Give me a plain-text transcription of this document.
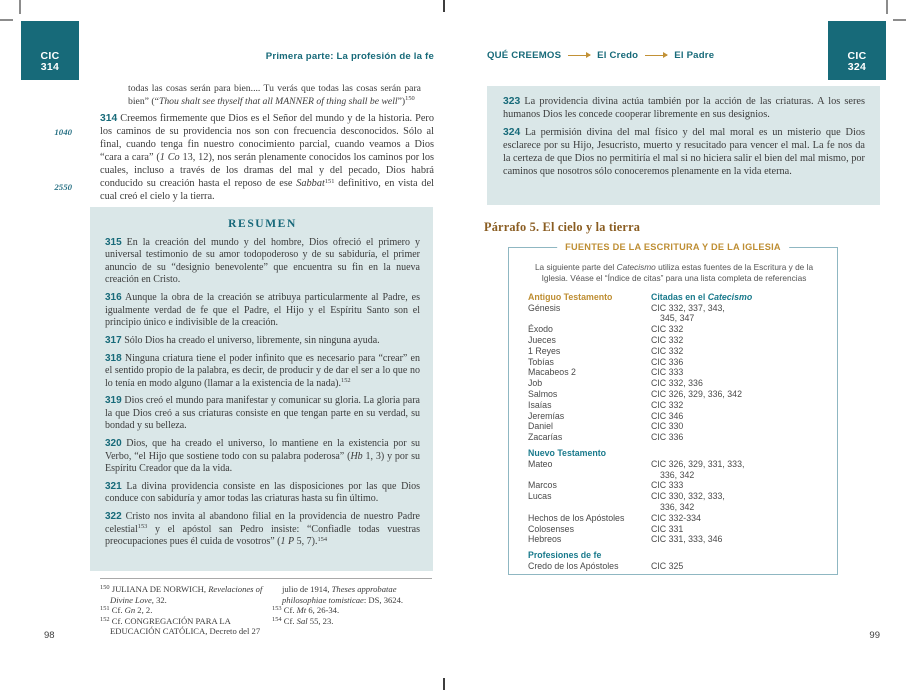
CIC
314
Primera parte: La profesión de la fe
todas las cosas serán para bien.... Tu verás que todas las cosas serán para bien” (“Thou shalt see thyself that all MANNER of thing shall be well”)$^{150}$
1040
2550
314 Creemos firmemente que Dios es el Señor del mundo y de la historia. Pero los caminos de su providencia nos son con frecuencia desconocidos. Sólo al final, cuando tenga fin nuestro conocimiento parcial, cuando veamos a Dios “cara a cara” (1 Co 13, 12), nos serán plenamente conocidos los caminos por los cuales, incluso a través de los dramas del mal y del pecado, Dios habrá conducido su creación hasta el reposo de ese Sabbat$^{151}$ definitivo, en vista del cual creó el cielo y la tierra.
RESUMEN

315 En la creación del mundo y del hombre, Dios ofreció el primero y universal testimonio de su amor todopoderoso y de su sabiduría, el primer anuncio de su “designio benevolente” que encuentra su fin en la nueva creación en Cristo.

316 Aunque la obra de la creación se atribuya particularmente al Padre, es igualmente verdad de fe que el Padre, el Hijo y el Espíritu Santo son el principio único e indivisible de la creación.

317 Sólo Dios ha creado el universo, libremente, sin ninguna ayuda.

318 Ninguna criatura tiene el poder infinito que es necesario para “crear” en el sentido propio de la palabra, es decir, de producir y de dar el ser a lo que no lo tenía en modo alguno (llamar a la existencia de la nada).$^{152}$

319 Dios creó el mundo para manifestar y comunicar su gloria. La gloria para la que Dios creó a sus criaturas consiste en que tengan parte en su verdad, su bondad y su belleza.

320 Dios, que ha creado el universo, lo mantiene en la existencia por su Verbo, “el Hijo que sostiene todo con su palabra poderosa” (Hb 1, 3) y por su Espíritu Creador que da la vida.

321 La divina providencia consiste en las disposiciones por las que Dios conduce con sabiduría y amor todas las criaturas hasta su fin último.

322 Cristo nos invita al abandono filial en la providencia de nuestro Padre celestial$^{153}$ y el apóstol san Pedro insiste: “Confiadle todas vuestras preocupaciones pues él cuida de vosotros” (1 P 5, 7).$^{154}$

$^{150}$ JULIANA DE NORWICH, Revelaciones of Divine Love, 32.
$^{151}$ Cf. Gn 2, 2.
$^{152}$ Cf. CONGREGACIÓN PARA LA EDUCACIÓN CATÓLICA, Decreto del 27
julio de 1914, Theses approbatae philosophiae tomisticae: DS, 3624.
$^{153}$ Cf. Mt 6, 26-34.
$^{154}$ Cf. Sal 55, 23.
98
QUÉ CREEMOS	El Credo	El Padre	CIC
324

323 La providencia divina actúa también por la acción de las criaturas. A los seres humanos Dios les concede cooperar libremente en sus designios.

324 La permisión divina del mal físico y del mal moral es un misterio que Dios esclarece por su Hijo, Jesucristo, muerto y resucitado para vencer el mal. La fe nos da la certeza de que Dios no permitiría el mal si no hiciera salir el bien del mal mismo, por caminos que nosotros sólo conoceremos plenamente en la vida eterna.

Párrafo 5. El cielo y la tierra
FUENTES DE LA ESCRITURA Y DE LA IGLESIA
La siguiente parte del Catecismo utiliza estas fuentes de la Escritura y de la Iglesia. Véase el “Índice de citas” para una lista completa de referencias
Antiguo Testamento	Citadas en el Catecismo
Génesis	CIC 332, 337, 343,
345, 347
Éxodo	CIC 332
Jueces	CIC 332
1 Reyes	CIC 332
Tobías	CIC 336
Macabeos 2	CIC 333
Job	CIC 332, 336
Salmos	CIC 326, 329, 336, 342
Isaías	CIC 332
Jeremías	CIC 346
Daniel	CIC 330
Zacarías	CIC 336
Nuevo Testamento
Mateo	CIC 326, 329, 331, 333,
336, 342
Marcos	CIC 333
Lucas	CIC 330, 332, 333,
336, 342
Hechos de los Apóstoles	CIC 332-334
Colosenses	CIC 331
Hebreos	CIC 331, 333, 346
Profesiones de fe
Credo de los Apóstoles	CIC 325
99
